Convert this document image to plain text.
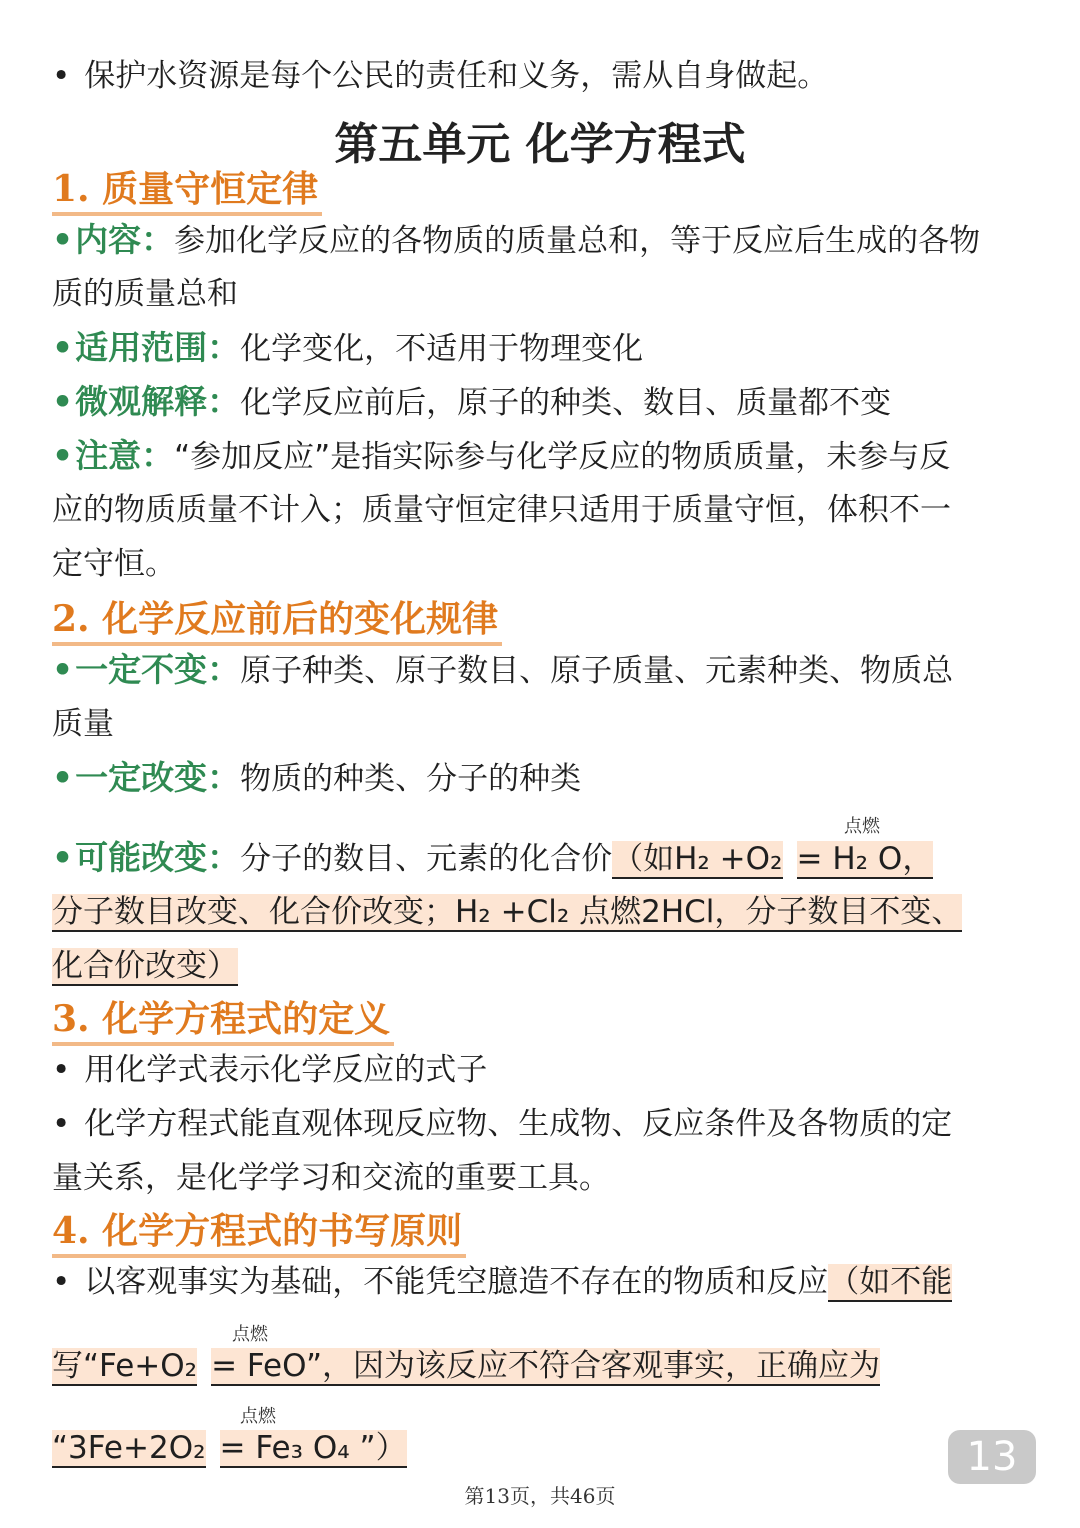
• 保护水资源是每个公民的责任和义务，需从自身做起。
第五单元 化学方程式
1. 质量守恒定律
• 内容：参加化学反应的各物质的质量总和，等于反应后生成的各物
质的质量总和
• 适用范围：化学变化，不适用于物理变化
• 微观解释：化学反应前后，原子的种类、数目、质量都不变
• 注意：“参加反应”是指实际参与化学反应的物质质量，未参与反
应的物质质量不计入；质量守恒定律只适用于质量守恒，体积不一
定守恒。
2. 化学反应前后的变化规律
• 一定不变：原子种类、原子数目、原子质量、元素种类、物质总
质量
• 一定改变：物质的种类、分子的种类
点燃
• 可能改变：分子的数目、元素的化合价（如H₂ +O₂ = H₂ O，
分子数目改变、化合价改变；H₂ +Cl₂ 点燃2HCl，分子数目不变、
化合价改变）
3. 化学方程式的定义
• 用化学式表示化学反应的式子
• 化学方程式能直观体现反应物、生成物、反应条件及各物质的定
量关系，是化学学习和交流的重要工具。
4. 化学方程式的书写原则
• 以客观事实为基础，不能凭空臆造不存在的物质和反应（如不能
点燃
写“Fe+O₂ = FeO”，因为该反应不符合客观事实，正确应为
点燃
“3Fe+2O₂ = Fe₃ O₄ ”）	13
第13页，共46页
